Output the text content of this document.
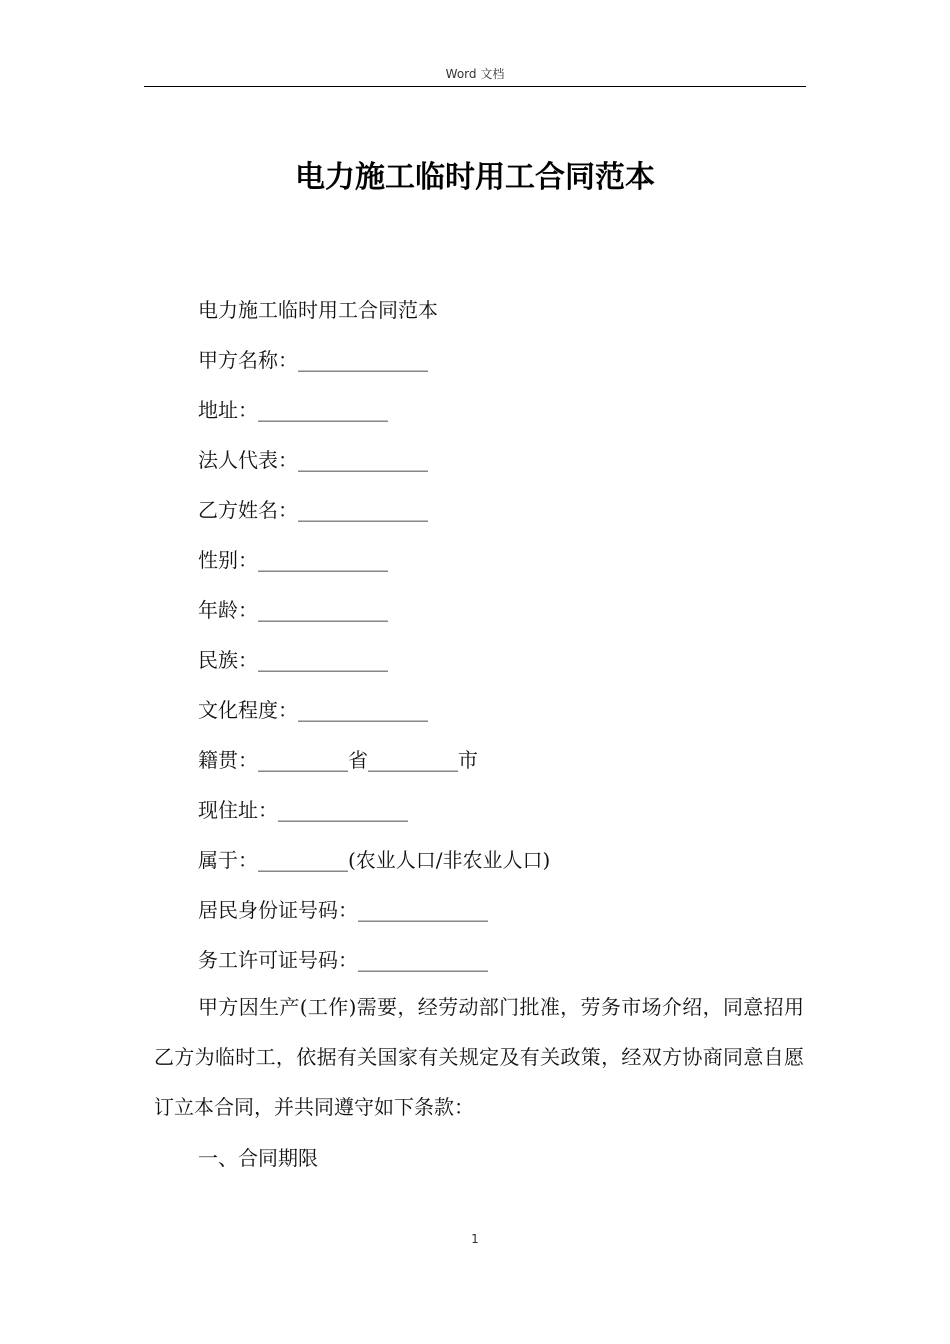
Word 文档
电力施工临时用工合同范本
电力施工临时用工合同范本
甲方名称：_____________
地址：_____________
法人代表：_____________
乙方姓名：_____________
性别：_____________
年龄：_____________
民族：_____________
文化程度：_____________
籍贯：_________省_________市
现住址：_____________
属于：_________(农业人口/非农业人口)
居民身份证号码：_____________
务工许可证号码：_____________
甲方因生产(工作)需要，经劳动部门批准，劳务市场介绍，同意招用乙方为临时工，依据有关国家有关规定及有关政策，经双方协商同意自愿订立本合同，并共同遵守如下条款：
一、合同期限
1
